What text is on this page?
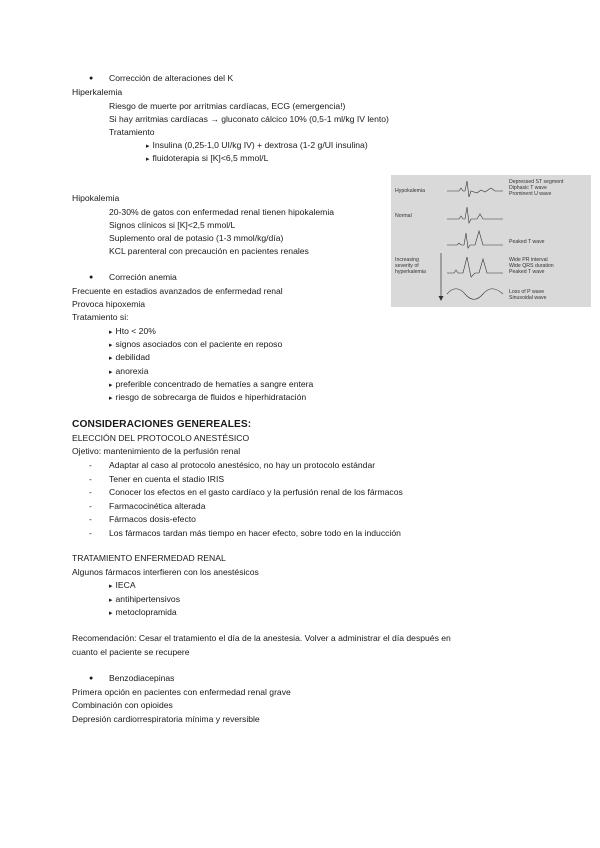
● Corrección de alteraciones del K
Hiperkalemia
Riesgo de muerte por arritmias cardíacas, ECG (emergencia!)
Si hay arritmias cardíacas → gluconato cálcico 10% (0,5-1 ml/kg IV lento)
Tratamiento
▸ Insulina (0,25-1,0 UI/kg IV) + dextrosa (1-2 g/UI insulina)
▸ fluidoterapia si [K]<6,5 mmol/L
Hipokalemia
20-30% de gatos con enfermedad renal tienen hipokalemia
Signos clínicos si [K]<2,5 mmol/L
Suplemento oral de potasio (1-3 mmol/kg/día)
KCL parenteral con precaución en pacientes renales
● Correción anemia
Frecuente en estadios avanzados de enfermedad renal
Provoca hipoxemia
Tratamiento si:
▸ Hto < 20%
▸ signos asociados con el paciente en reposo
▸ debilidad
▸ anorexia
▸ preferible concentrado de hematíes a sangre entera
▸ riesgo de sobrecarga de fluidos e hiperhidratación
CONSIDERACIONES GENEREALES:
ELECCIÓN DEL PROTOCOLO ANESTÉSICO
Ojetivo: mantenimiento de la perfusión renal
- Adaptar al caso al protocolo anestésico, no hay un protocolo estándar
- Tener en cuenta el stadio IRIS
- Conocer los efectos en el gasto cardíaco y la perfusión renal de los fármacos
- Farmacocinética alterada
- Fármacos dosis-efecto
- Los fármacos tardan más tiempo en hacer efecto, sobre todo en la inducción
TRATAMIENTO ENFERMEDAD RENAL
Algunos fármacos interfieren con los anestésicos
▸ IECA
▸ antihipertensivos
▸ metoclopramida
Recomendación: Cesar el tratamiento el día de la anestesia. Volver a administrar el día después en
cuanto el paciente se recupere
● Benzodiacepinas
Primera opción en pacientes con enfermedad renal grave
Combinación con opioides
Depresión cardiorrespiratoria mínima y reversible
Hypokalemia
Normal
Increasing
severity of
hyperkalemia
Depressed ST segment
Diphasic T wave
Prominent U wave
Peaked T wave
Wide PR interval
Wide QRS duration
Peaked T wave
Loss of P wave
Sinusoidal wave
